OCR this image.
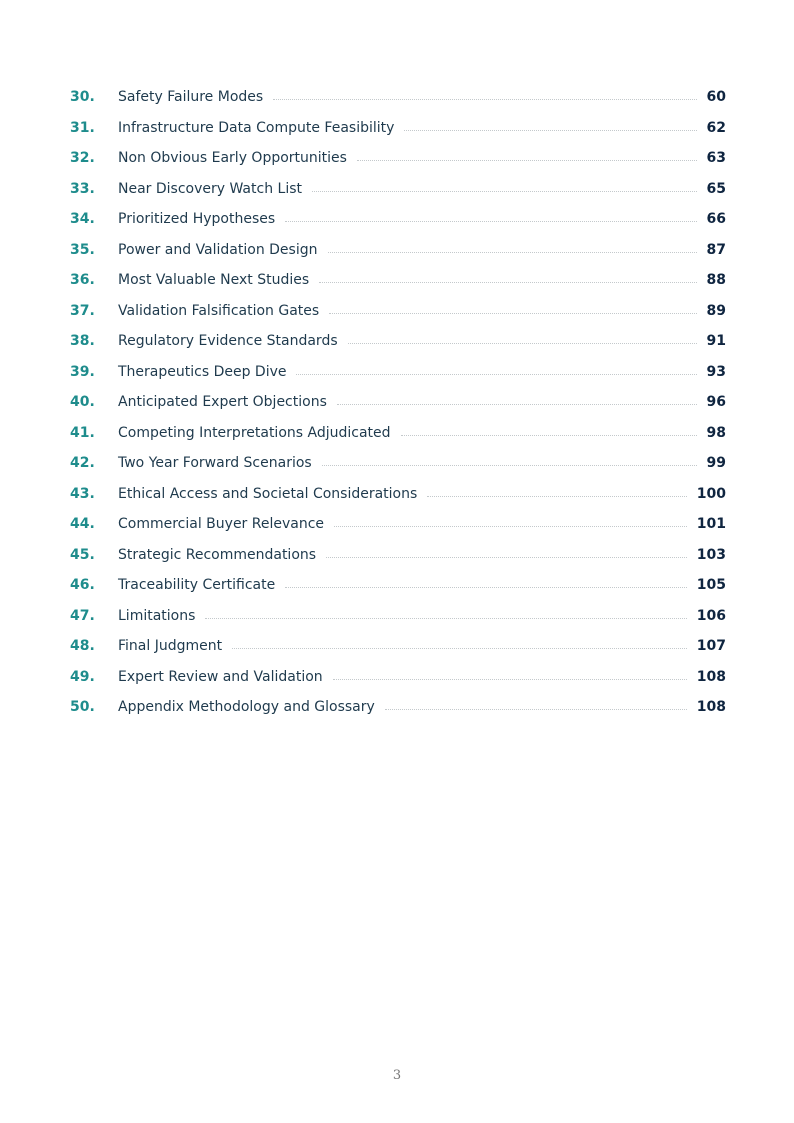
30.	Safety Failure Modes	60
31.	Infrastructure Data Compute Feasibility	62
32.	Non Obvious Early Opportunities	63
33.	Near Discovery Watch List	65
34.	Prioritized Hypotheses	66
35.	Power and Validation Design	87
36.	Most Valuable Next Studies	88
37.	Validation Falsification Gates	89
38.	Regulatory Evidence Standards	91
39.	Therapeutics Deep Dive	93
40.	Anticipated Expert Objections	96
41.	Competing Interpretations Adjudicated	98
42.	Two Year Forward Scenarios	99
43.	Ethical Access and Societal Considerations	100
44.	Commercial Buyer Relevance	101
45.	Strategic Recommendations	103
46.	Traceability Certificate	105
47.	Limitations	106
48.	Final Judgment	107
49.	Expert Review and Validation	108
50.	Appendix Methodology and Glossary	108
3
